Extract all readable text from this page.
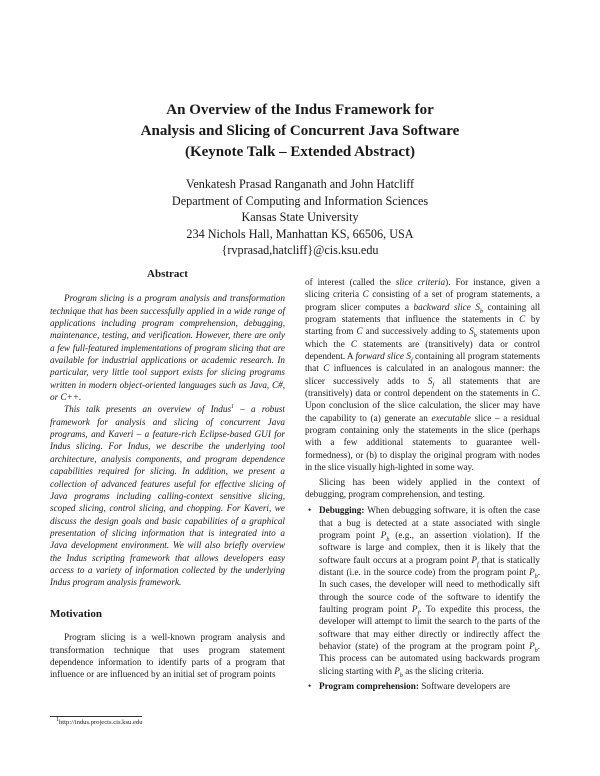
An Overview of the Indus Framework for
Analysis and Slicing of Concurrent Java Software
(Keynote Talk – Extended Abstract)
Venkatesh Prasad Ranganath and John Hatcliff
Department of Computing and Information Sciences
Kansas State University
234 Nichols Hall, Manhattan KS, 66506, USA
{rvprasad,hatcliff}@cis.ksu.edu
Abstract

Program slicing is a program analysis and transformation technique that has been successfully applied in a wide range of applications including program comprehension, debugging, maintenance, testing, and verification. However, there are only a few full-featured implementations of program slicing that are available for industrial applications or academic research. In particular, very little tool support exists for slicing programs written in modern object-oriented languages such as Java, C#, or C++.

This talk presents an overview of Indus$^1$ – a robust framework for analysis and slicing of concurrent Java programs, and Kaveri – a feature-rich Eclipse-based GUI for Indus slicing. For Indus, we describe the underlying tool architecture, analysis components, and program dependence capabilities required for slicing. In addition, we present a collection of advanced features useful for effective slicing of Java programs including calling-context sensitive slicing, scoped slicing, control slicing, and chopping. For Kaveri, we discuss the design goals and basic capabilities of a graphical presentation of slicing information that is integrated into a Java development environment. We will also briefly overview the Indus scripting framework that allows developers easy access to a variety of information collected by the underlying Indus program analysis framework.

Motivation

Program slicing is a well-known program analysis and transformation technique that uses program statement dependence information to identify parts of a program that influence or are influenced by an initial set of program points

$^1$http://indus.projects.cis.ksu.edu

of interest (called the slice criteria). For instance, given a slicing criteria C consisting of a set of program statements, a program slicer computes a backward slice $S_b$ containing all program statements that influence the statements in C by starting from C and successively adding to $S_b$ statements upon which the C statements are (transitively) data or control dependent. A forward slice $S_f$ containing all program statements that C influences is calculated in an analogous manner: the slicer successively adds to $S_f$ all statements that are (transitively) data or control dependent on the statements in C. Upon conclusion of the slice calculation, the slicer may have the capability to (a) generate an executable slice – a residual program containing only the statements in the slice (perhaps with a few additional statements to guarantee well-formedness), or (b) to display the original program with nodes in the slice visually high-lighted in some way.

Slicing has been widely applied in the context of debugging, program comprehension, and testing.

• Debugging: When debugging software, it is often the case that a bug is detected at a state associated with single program point $P_b$ (e.g., an assertion violation). If the software is large and complex, then it is likely that the software fault occurs at a program point $P_f$ that is statically distant (i.e. in the source code) from the program point $P_b$. In such cases, the developer will need to methodically sift through the source code of the software to identify the faulting program point $P_f$. To expedite this process, the developer will attempt to limit the search to the parts of the software that may either directly or indirectly affect the behavior (state) of the program at the program point $P_b$. This process can be automated using backwards program slicing starting with $P_b$ as the slicing criteria.
• Program comprehension: Software developers are
